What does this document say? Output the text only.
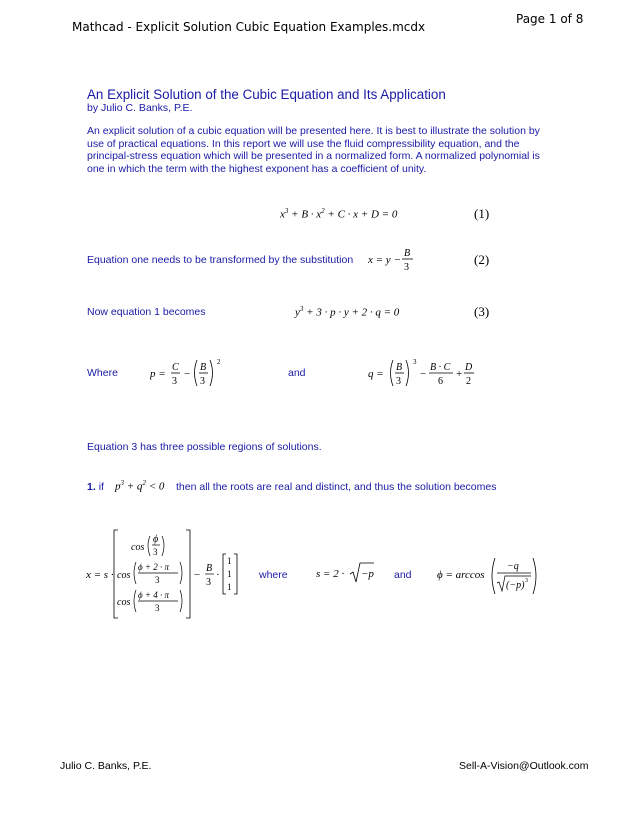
Mathcad - Explicit Solution Cubic Equation Examples.mcdx
Page 1 of 8
An Explicit Solution of the Cubic Equation and Its Application
by Julio C. Banks, P.E.
An explicit solution of a cubic equation will be presented here. It is best to illustrate the solution by
use of practical equations. In this report we will use the fluid compressibility equation, and the
principal-stress equation which will be presented in a normalized form. A normalized polynomial is
one in which the term with the highest exponent has a coefficient of unity.
$x^3 + B \cdot x^2 + C \cdot x + D = 0$	(1)
Equation one needs to be transformed by the substitution x = y −
B
3
(2)
Now equation 1 becomes	$y^3 + 3 \cdot p \cdot y + 2 \cdot q = 0$	(3)
Where	p =
C
3
−
B
3
2
and	q =
B
3
3
−
B · C
6
+
D
2
Equation 3 has three possible regions of solutions.
1. if $p^3 + q^2 < 0$ then all the roots are real and distinct, and thus the solution becomes
x = s ·
cos
ϕ
3
cos
ϕ + 2 · π
3
cos
ϕ + 4 · π
3
−
B
3
·
1
1
1
where	s = 2 · −p and ϕ = arccos
−q
(−p) 3
Julio C. Banks, P.E.	Sell-A-Vision@Outlook.com
